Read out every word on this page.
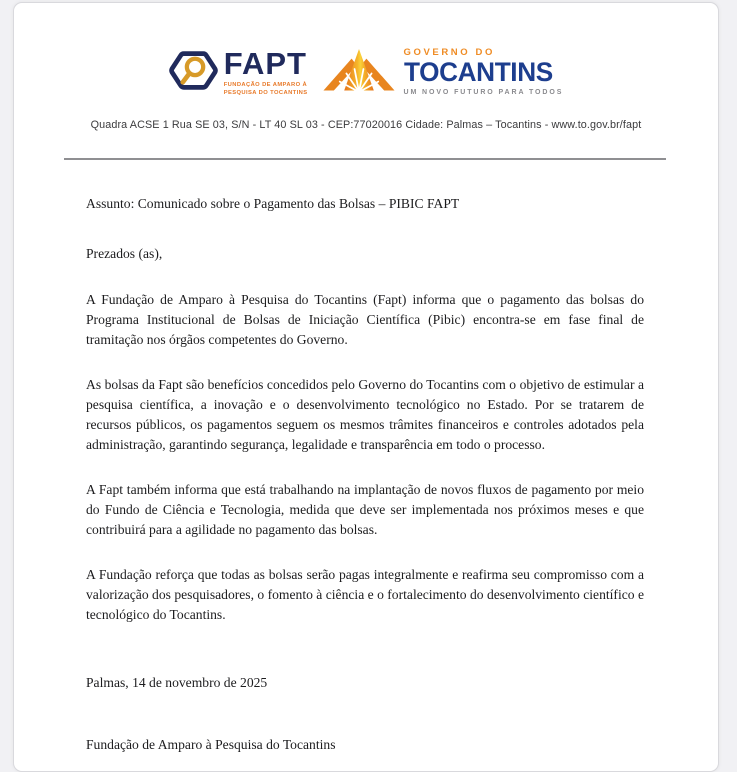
FAPT
FUNDAÇÃO DE AMPARO À
PESQUISA DO TOCANTINS
GOVERNO DO
TOCANTINS
UM NOVO FUTURO PARA TODOS
Quadra ACSE 1 Rua SE 03, S/N - LT 40 SL 03 - CEP:77020016 Cidade: Palmas – Tocantins - www.to.gov.br/fapt
Assunto: Comunicado sobre o Pagamento das Bolsas – PIBIC FAPT
Prezados (as),

A Fundação de Amparo à Pesquisa do Tocantins (Fapt) informa que o pagamento das bolsas do Programa Institucional de Bolsas de Iniciação Científica (Pibic) encontra-se em fase final de tramitação nos órgãos competentes do Governo.

As bolsas da Fapt são benefícios concedidos pelo Governo do Tocantins com o objetivo de estimular a pesquisa científica, a inovação e o desenvolvimento tecnológico no Estado. Por se tratarem de recursos públicos, os pagamentos seguem os mesmos trâmites financeiros e controles adotados pela administração, garantindo segurança, legalidade e transparência em todo o processo.

A Fapt também informa que está trabalhando na implantação de novos fluxos de pagamento por meio do Fundo de Ciência e Tecnologia, medida que deve ser implementada nos próximos meses e que contribuirá para a agilidade no pagamento das bolsas.

A Fundação reforça que todas as bolsas serão pagas integralmente e reafirma seu compromisso com a valorização dos pesquisadores, o fomento à ciência e o fortalecimento do desenvolvimento científico e tecnológico do Tocantins.

Palmas, 14 de novembro de 2025
Fundação de Amparo à Pesquisa do Tocantins
